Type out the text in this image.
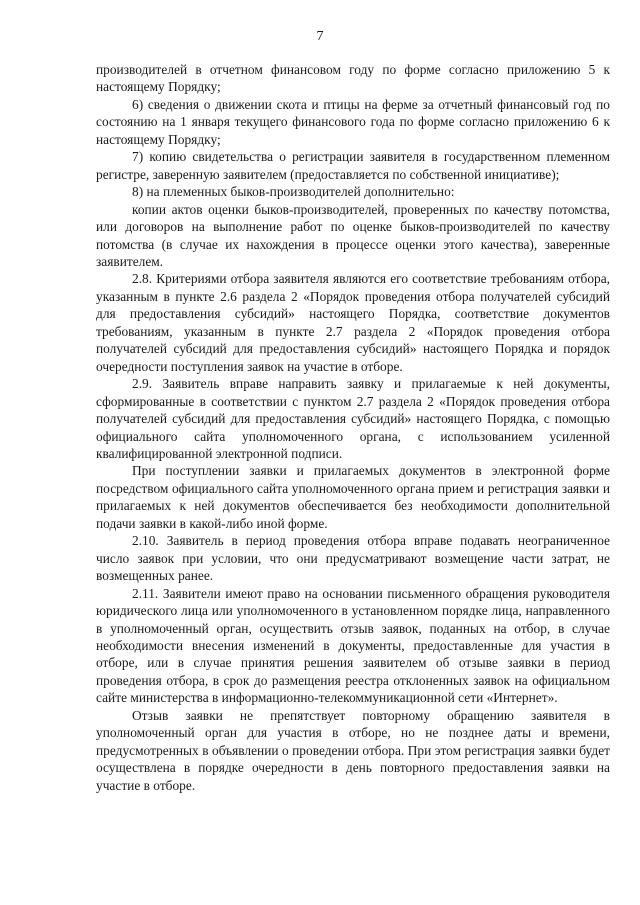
7

производителей в отчетном финансовом году по форме согласно приложению 5 к настоящему Порядку;

6) сведения о движении скота и птицы на ферме за отчетный финансовый год по состоянию на 1 января текущего финансового года по форме согласно приложению 6 к настоящему Порядку;

7) копию свидетельства о регистрации заявителя в государственном племенном регистре, заверенную заявителем (предоставляется по собственной инициативе);

8) на племенных быков-производителей дополнительно:

копии актов оценки быков-производителей, проверенных по качеству потомства, или договоров на выполнение работ по оценке быков-производителей по качеству потомства (в случае их нахождения в процессе оценки этого качества), заверенные заявителем.

2.8. Критериями отбора заявителя являются его соответствие требованиям отбора, указанным в пункте 2.6 раздела 2 «Порядок проведения отбора получателей субсидий для предоставления субсидий» настоящего Порядка, соответствие документов требованиям, указанным в пункте 2.7 раздела 2 «Порядок проведения отбора получателей субсидий для предоставления субсидий» настоящего Порядка и порядок очередности поступления заявок на участие в отборе.

2.9. Заявитель вправе направить заявку и прилагаемые к ней документы, сформированные в соответствии с пунктом 2.7 раздела 2 «Порядок проведения отбора получателей субсидий для предоставления субсидий» настоящего Порядка, с помощью официального сайта уполномоченного органа, с использованием усиленной квалифицированной электронной подписи.

При поступлении заявки и прилагаемых документов в электронной форме посредством официального сайта уполномоченного органа прием и регистрация заявки и прилагаемых к ней документов обеспечивается без необходимости дополнительной подачи заявки в какой-либо иной форме.

2.10. Заявитель в период проведения отбора вправе подавать неограниченное число заявок при условии, что они предусматривают возмещение части затрат, не возмещенных ранее.

2.11. Заявители имеют право на основании письменного обращения руководителя юридического лица или уполномоченного в установленном порядке лица, направленного в уполномоченный орган, осуществить отзыв заявок, поданных на отбор, в случае необходимости внесения изменений в документы, предоставленные для участия в отборе, или в случае принятия решения заявителем об отзыве заявки в период проведения отбора, в срок до размещения реестра отклоненных заявок на официальном сайте министерства в информационно-телекоммуникационной сети «Интернет».

Отзыв заявки не препятствует повторному обращению заявителя в уполномоченный орган для участия в отборе, но не позднее даты и времени, предусмотренных в объявлении о проведении отбора. При этом регистрация заявки будет осуществлена в порядке очередности в день повторного предоставления заявки на участие в отборе.
